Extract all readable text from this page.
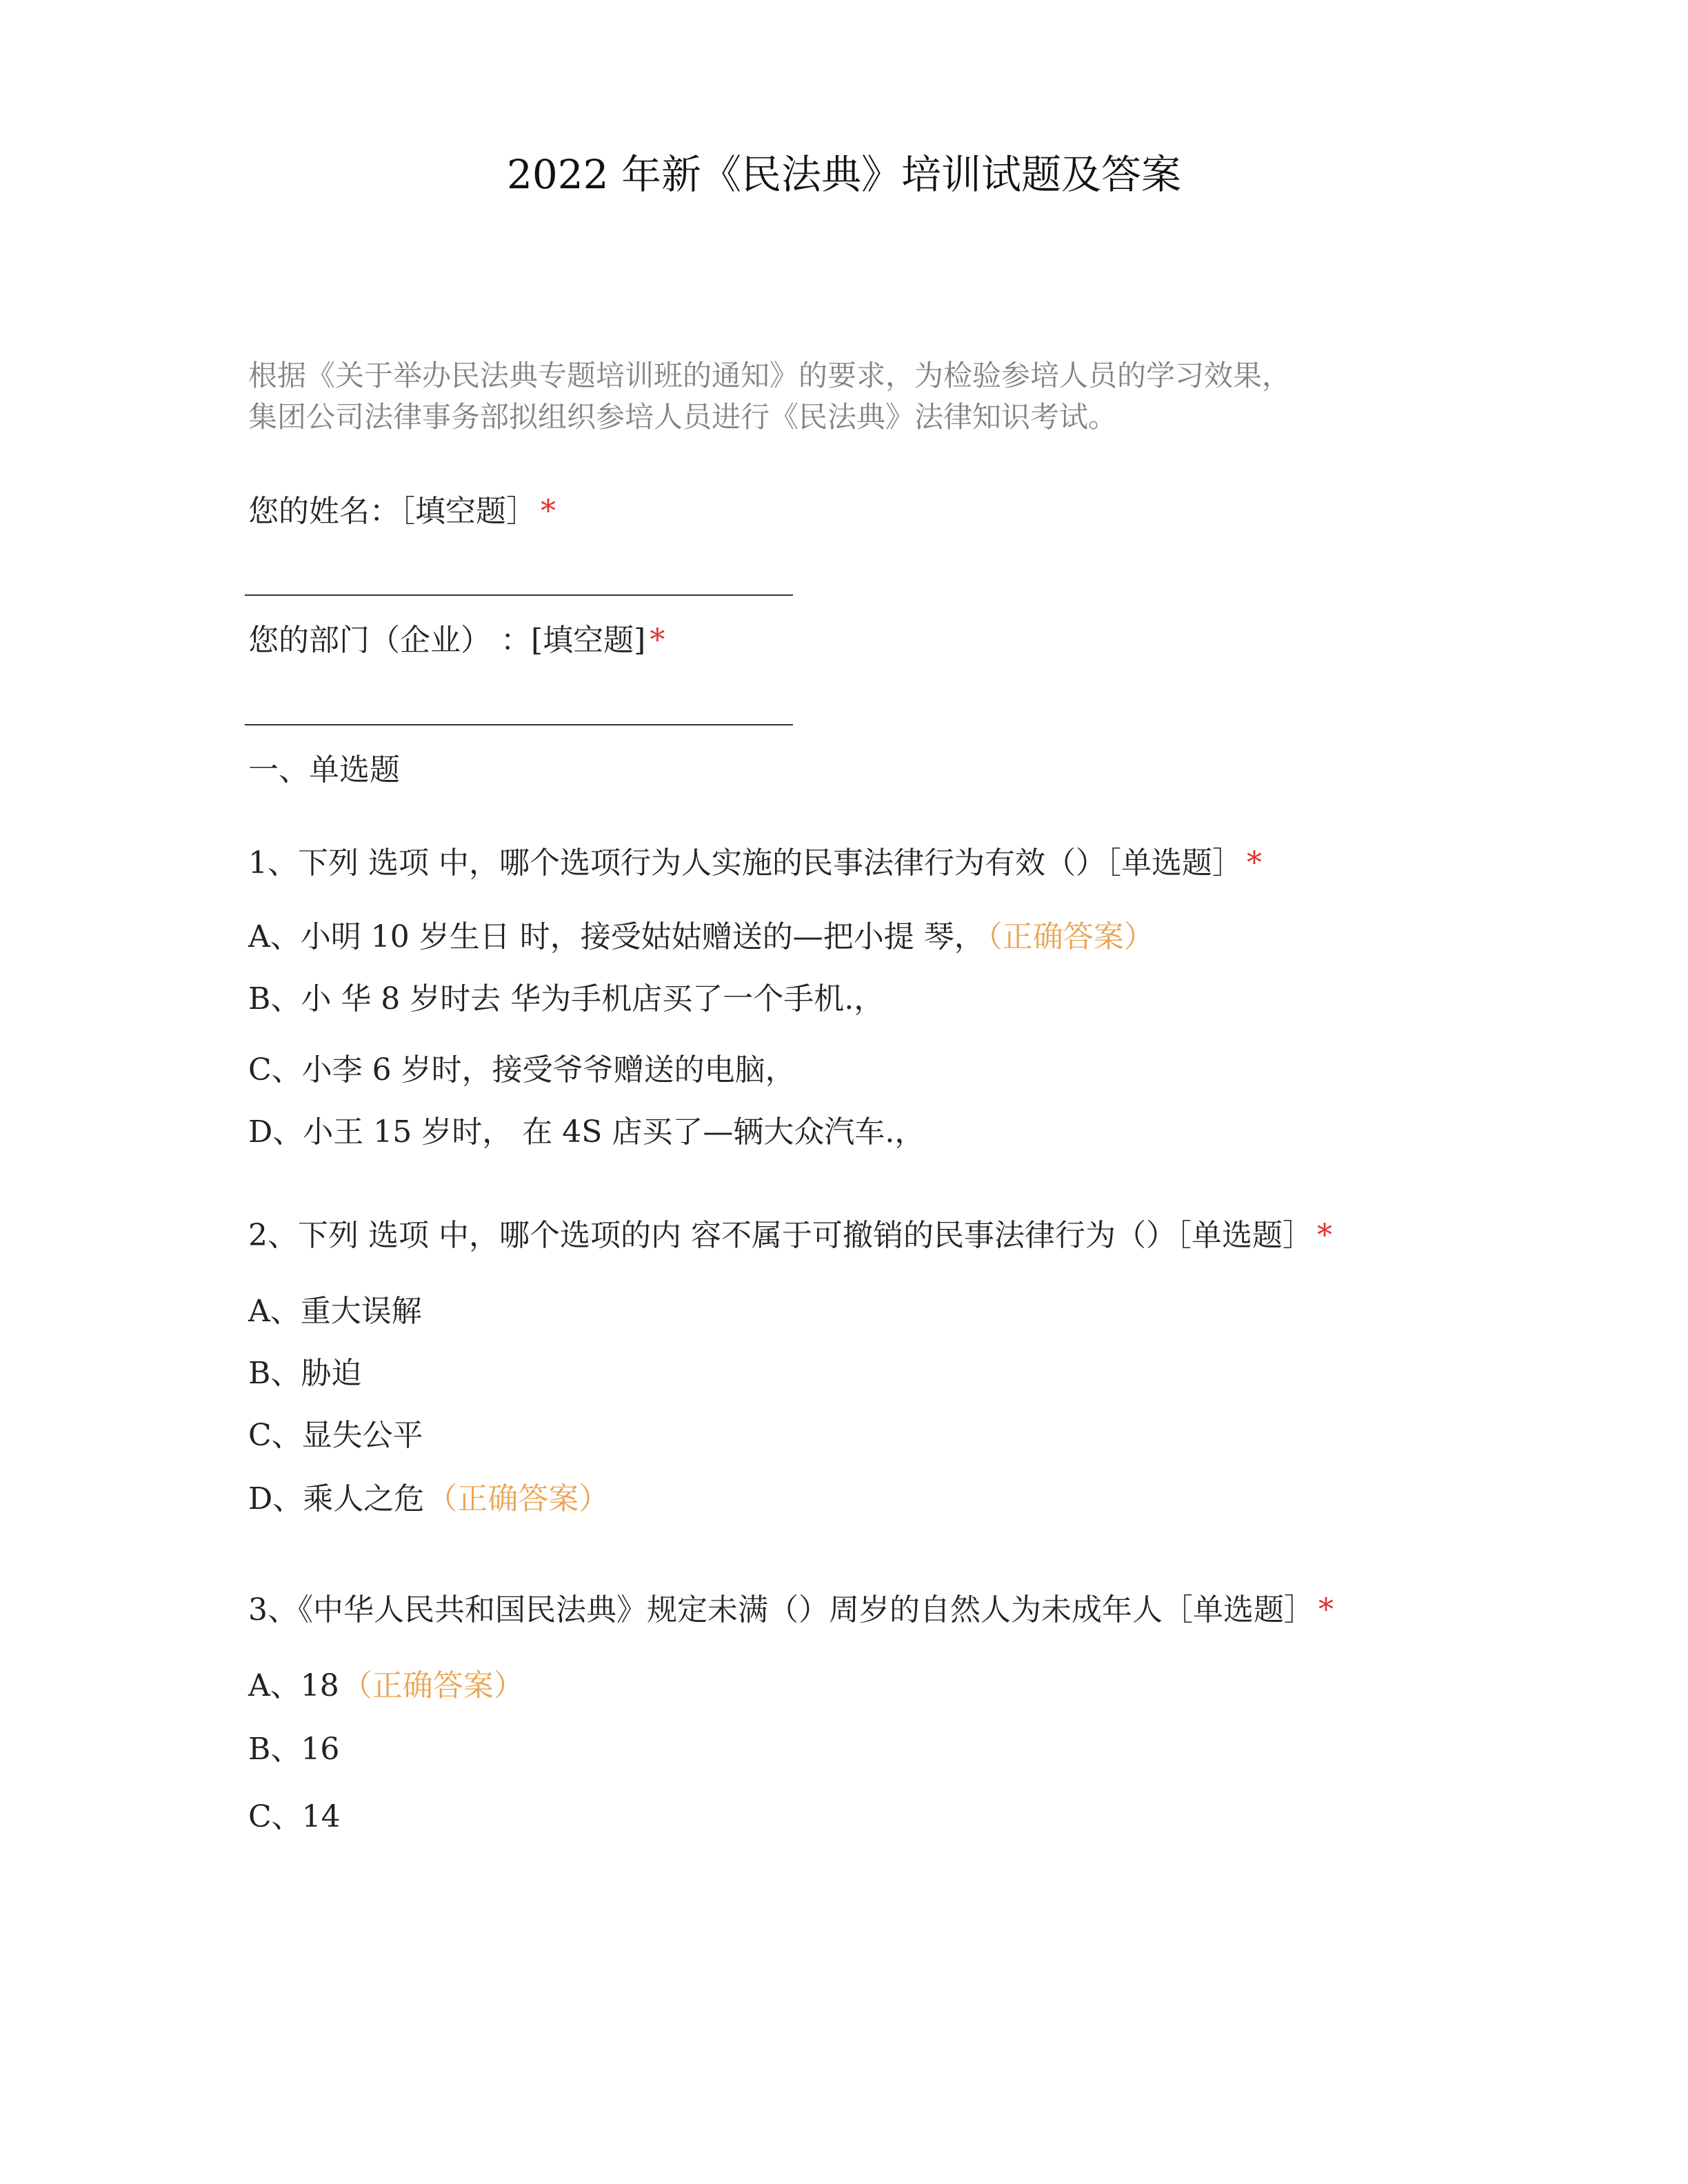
2022 年新《民法典》培训试题及答案
根据《关于举办民法典专题培训班的通知》的要求，为检验参培人员的学习效果，
集团公司法律事务部拟组织参培人员进行《民法典》法律知识考试。
您的姓名：［填空题］ *
您的部门（企业） ：[填空题] *
一、单选题
1、下列 选项 中，哪个选项行为人实施的民事法律行为有效（）［单选题］ *
A、小明 10 岁生日 时，接受姑姑赠送的—把小提 琴，（正确答案）
B、小 华 8 岁时去 华为手机店买了一个手机.，
C、小李 6 岁时，接受爷爷赠送的电脑，
D、小王 15 岁时， 在 4S 店买了—辆大众汽车.，
2、下列 选项 中，哪个选项的内 容不属于可撤销的民事法律行为（）［单选题］ *
A、重大误解
B、胁迫
C、显失公平
D、乘人之危（正确答案）
3、《中华人民共和国民法典》规定未满（）周岁的自然人为未成年人［单选题］ *
A、18（正确答案）
B、16
C、14
